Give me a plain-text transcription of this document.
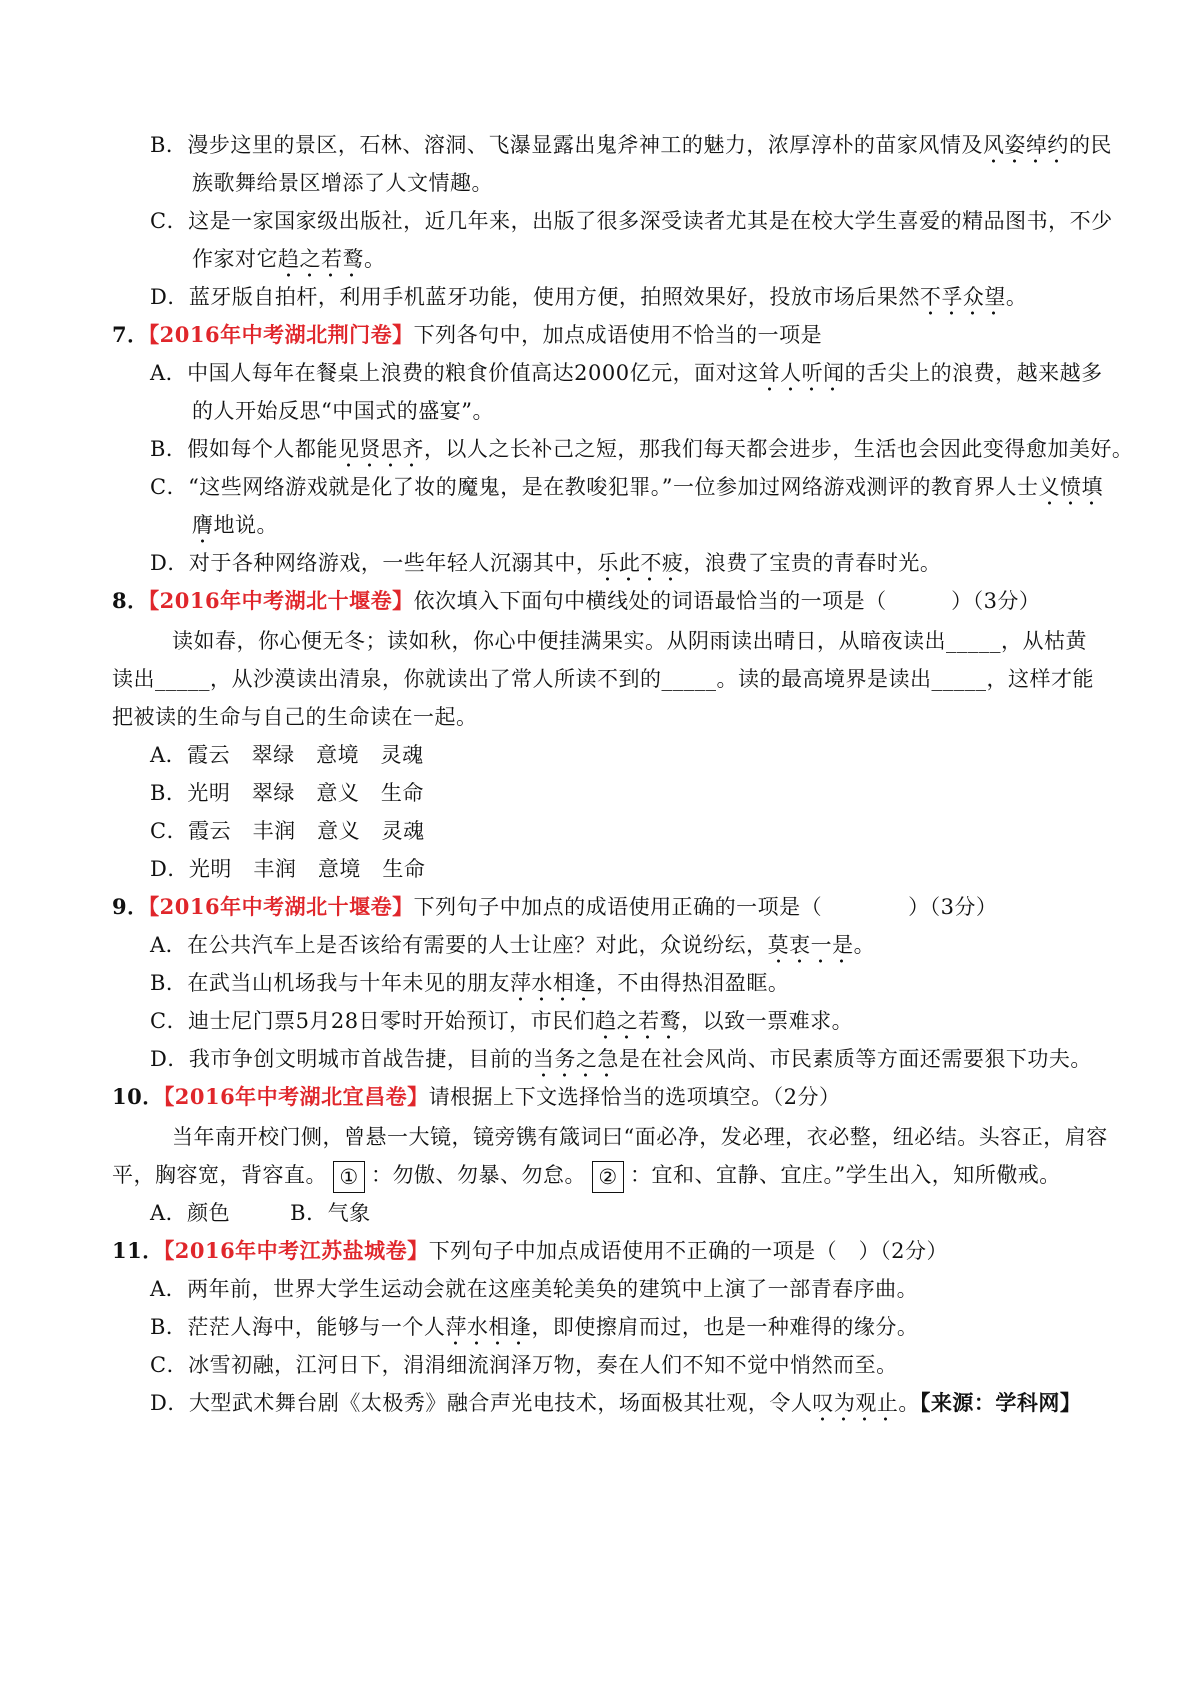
B．漫步这里的景区，石林、溶洞、飞瀑显露出鬼斧神工的魅力，浓厚淳朴的苗家风情及风姿绰约的民
族歌舞给景区增添了人文情趣。
C．这是一家国家级出版社，近几年来，出版了很多深受读者尤其是在校大学生喜爱的精品图书，不少
作家对它趋之若鹜。
D．蓝牙版自拍杆，利用手机蓝牙功能，使用方便，拍照效果好，投放市场后果然不孚众望。
7．【2016年中考湖北荆门卷】下列各句中，加点成语使用不恰当的一项是
A．中国人每年在餐桌上浪费的粮食价值高达2000亿元，面对这耸人听闻的舌尖上的浪费，越来越多
的人开始反思“中国式的盛宴”。
B．假如每个人都能见贤思齐，以人之长补己之短，那我们每天都会进步，生活也会因此变得愈加美好。
C．“这些网络游戏就是化了妆的魔鬼，是在教唆犯罪。”一位参加过网络游戏测评的教育界人士义愤填
膺地说。
D．对于各种网络游戏，一些年轻人沉溺其中，乐此不疲，浪费了宝贵的青春时光。
8．【2016年中考湖北十堰卷】依次填入下面句中横线处的词语最恰当的一项是（　　　）（3分）
读如春，你心便无冬；读如秋，你心中便挂满果实。从阴雨读出晴日，从暗夜读出_____，从枯黄
读出_____，从沙漠读出清泉，你就读出了常人所读不到的_____。读的最高境界是读出_____，这样才能
把被读的生命与自己的生命读在一起。
A．霞云　翠绿　意境　灵魂
B．光明　翠绿　意义　生命
C．霞云　丰润　意义　灵魂
D．光明　丰润　意境　生命
9．【2016年中考湖北十堰卷】下列句子中加点的成语使用正确的一项是（　　　　）（3分）
A．在公共汽车上是否该给有需要的人士让座？对此，众说纷纭，莫衷一是。
B．在武当山机场我与十年未见的朋友萍水相逢，不由得热泪盈眶。
C．迪士尼门票5月28日零时开始预订，市民们趋之若鹜，以致一票难求。
D．我市争创文明城市首战告捷，目前的当务之急是在社会风尚、市民素质等方面还需要狠下功夫。
10．【2016年中考湖北宜昌卷】请根据上下文选择恰当的选项填空。（2分）
当年南开校门侧，曾悬一大镜，镜旁镌有箴词曰“面必净，发必理，衣必整，纽必结。头容正，肩容
平，胸容宽，背容直。 ① ：勿傲、勿暴、勿怠。 ② ：宜和、宜静、宜庄。”学生出入，知所儆戒。
A．颜色	B．气象
11．【2016年中考江苏盐城卷】下列句子中加点成语使用不正确的一项是（　）（2分）
A．两年前，世界大学生运动会就在这座美轮美奂的建筑中上演了一部青春序曲。
B．茫茫人海中，能够与一个人萍水相逢，即使擦肩而过，也是一种难得的缘分。
C．冰雪初融，江河日下，涓涓细流润泽万物，奏在人们不知不觉中悄然而至。
D．大型武术舞台剧《太极秀》融合声光电技术，场面极其壮观，令人叹为观止。【来源：学科网】
